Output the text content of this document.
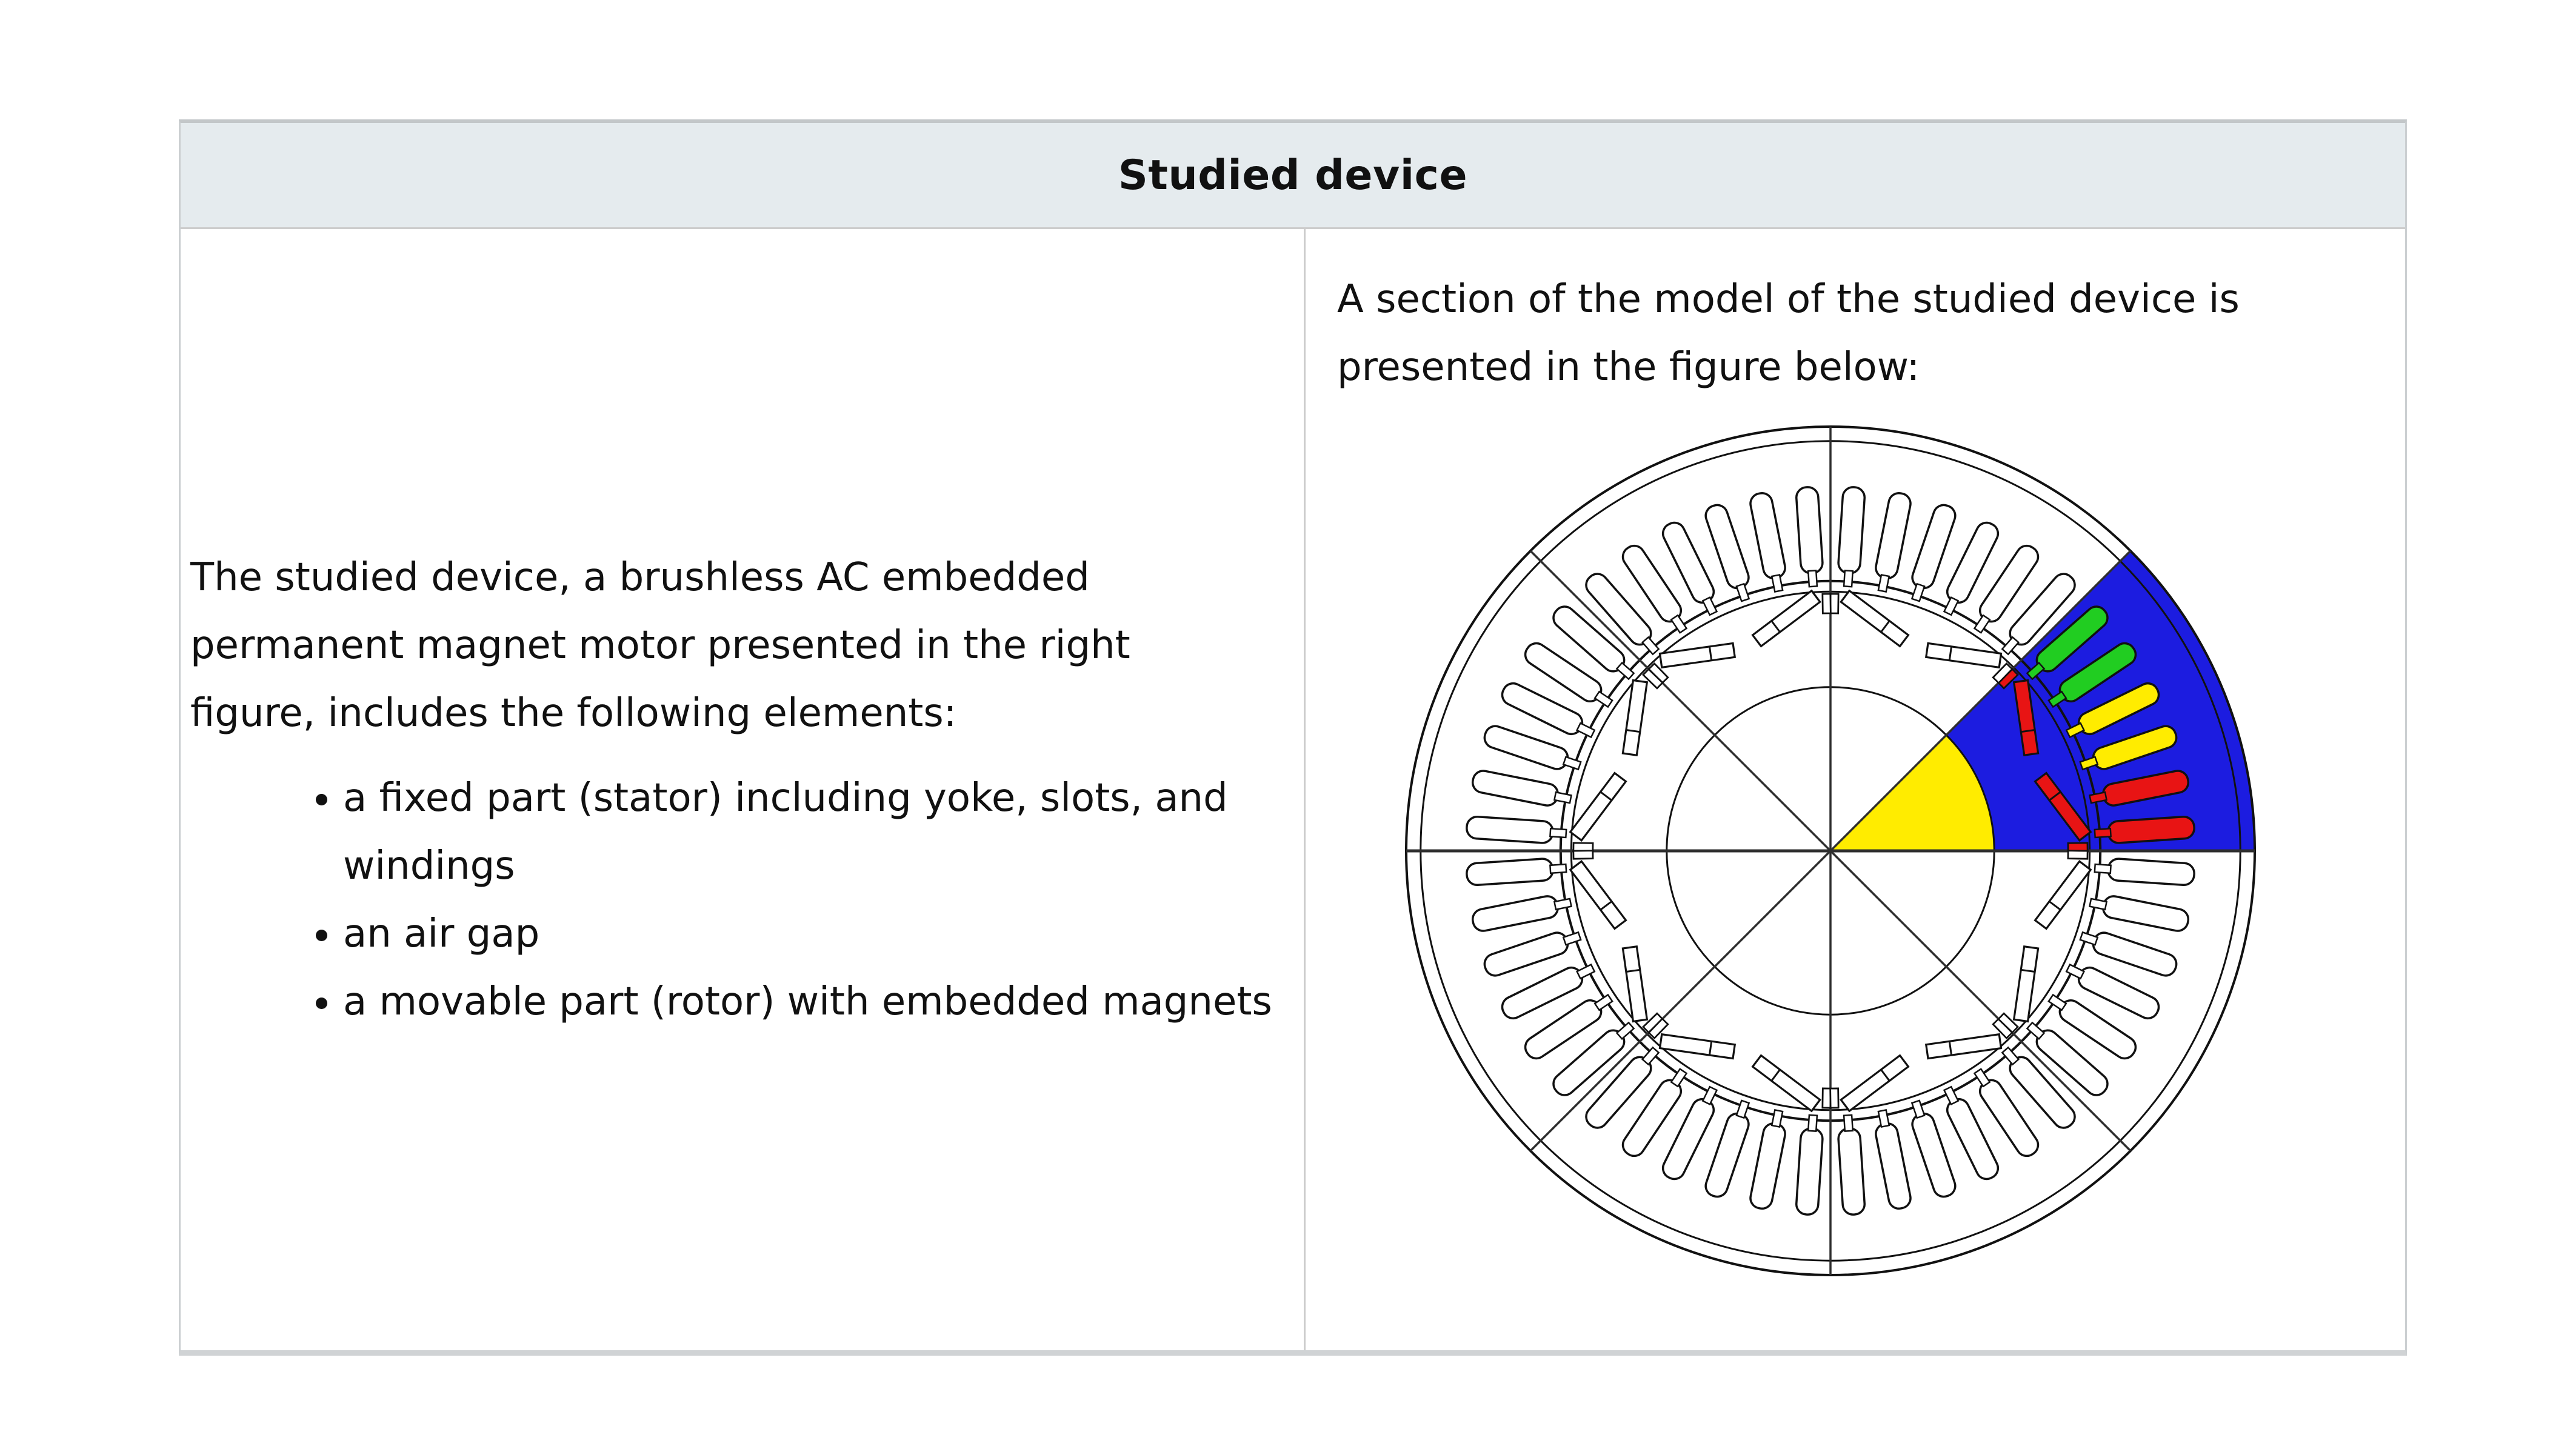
Studied device

The studied device, a brushless AC embedded permanent magnet motor presented in the right figure, includes the following elements:

• a fixed part (stator) including yoke, slots, and windings
• an air gap
• a movable part (rotor) with embedded magnets

A section of the model of the studied device is presented in the figure below:
